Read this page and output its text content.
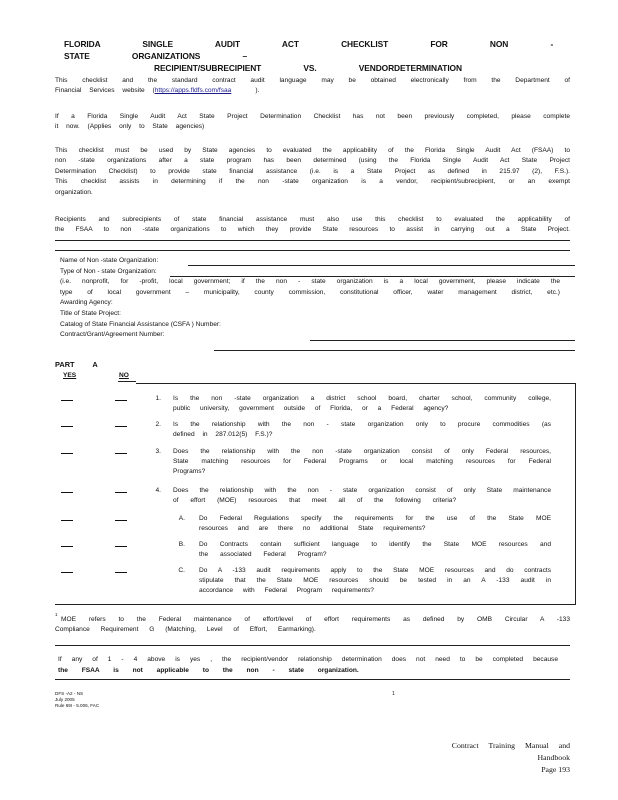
FLORIDA SINGLE AUDIT ACT CHECKLIST FOR NON -STATE ORGANIZATIONS –
RECIPIENT/SUBRECIPIENT VS. VENDORDETERMINATION
This checklist and the standard contract audit language may be obtained electronically from the Department of
Financial Services website (https://apps.fldfs.com/fsaa	).
If a Florida Single Audit Act State Project Determination Checklist has not been previously completed, please complete
it now. (Applies only to State agencies)
This checklist must be used by State agencies to evaluated the applicability of the Florida Single Audit Act (FSAA) to
non -state organizations after a state program has been determined (using the Florida Single Audit Act State Project
Determination Checklist) to provide state financial assistance (i.e. is a State Project as defined in 215.97 (2), F.S.).
This checklist assists in determining if the non -state organization is a vendor, recipient/subrecipient, or an exempt
organization.
Recipients and subrecipients of state financial assistance must also use this checklist to evaluated the applicability of
the FSAA to non -state organizations to which they provide State resources to assist in carrying out a State Project.
Name of Non -state Organization:
Type of Non - state Organization:
(i.e. nonprofit, for -profit, local government; if the non - state organization is a local government, please indicate the
type of local government – municipality, county commission, constitutional officer, water management district, etc.)
Awarding Agency:
Title of State Project:
Catalog of State Financial Assistance (CSFA ) Number:
Contract/Grant/Agreement Number:
PART A
YES	NO
1. Is the non -state organization a district school board, charter school, community college,
public university, government outside of Florida, or a Federal agency?
2. Is the relationship with the non - state organization only to procure commodities (as
defined in 287.012(5) F.S.)?
3. Does the relationship with the non -state organization consist of only Federal resources,
State matching resources for Federal Programs or local matching resources for Federal
Programs?
4. Does the relationship with the non - state organization consist of only State maintenance
of effort (MOE) resources that meet all of the following criteria?
A. Do Federal Regulations specify the requirements for the use of the State MOE
resources and are there no additional State requirements?
B. Do Contracts contain sufficient language to identify the State MOE resources and
the associated Federal Program?
C. Do A -133 audit requirements apply to the State MOE resources and do contracts
stipulate that the State MOE resources should be tested in an A -133 audit in
accordance with Federal Program requirements?
1
MOE refers to the Federal maintenance of effort/level of effort requirements as defined by OMB Circular A -133
Compliance Requirement G (Matching, Level of Effort, Earmarking).
If any of 1 - 4 above is yes , the recipient/vendor relationship determination does not need to be completed because
the FSAA is not applicable to the non - state organization.
DFS -A2 - NS
July 2005
Rule 69I - 5.006, FAC
1
Contract Training Manual and Handbook
Page 193
